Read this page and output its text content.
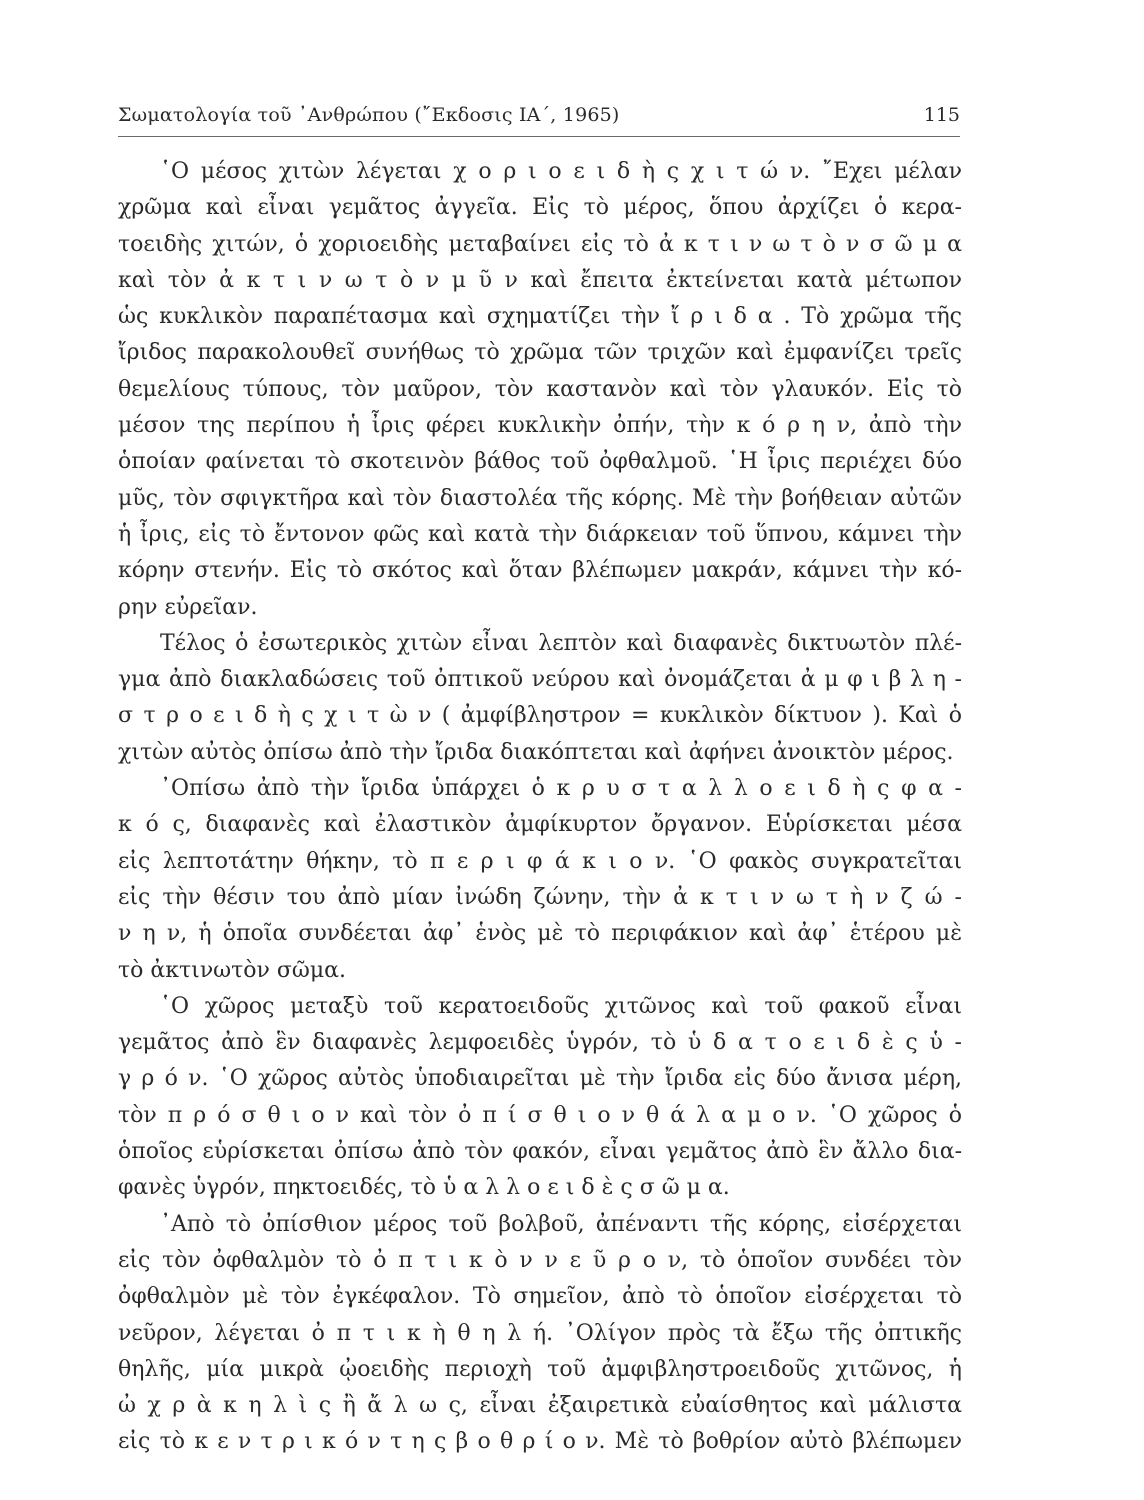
Σωματολογία τοῦ ᾿Ανθρώπου (῎Εκδοσις ΙΑ΄, 1965)	115
῾Ο μέσος χιτὼν λέγεται χ ο ρ ι ο ε ι δ ὴ ς χ ι τ ώ ν. ῎Εχει μέλαν
χρῶμα καὶ εἶναι γεμᾶτος ἀγγεῖα. Εἰς τὸ μέρος, ὅπου ἀρχίζει ὁ κερα-
τοειδὴς χιτών, ὁ χοριοειδὴς μεταβαίνει εἰς τὸ ἀ κ τ ι ν ω τ ὸ ν σ ῶ μ α
καὶ τὸν ἀ κ τ ι ν ω τ ὸ ν μ ῦ ν καὶ ἔπειτα ἐκτείνεται κατὰ μέτωπον
ὡς κυκλικὸν παραπέτασμα καὶ σχηματίζει τὴν ἴ ρ ι δ α . Τὸ χρῶμα τῆς
ἴριδος παρακολουθεῖ συνήθως τὸ χρῶμα τῶν τριχῶν καὶ ἐμφανίζει τρεῖς
θεμελίους τύπους, τὸν μαῦρον, τὸν καστανὸν καὶ τὸν γλαυκόν. Εἰς τὸ
μέσον της περίπου ἡ ἶρις φέρει κυκλικὴν ὀπήν, τὴν κ ό ρ η ν, ἀπὸ τὴν
ὁποίαν φαίνεται τὸ σκοτεινὸν βάθος τοῦ ὀφθαλμοῦ. ῾Η ἶρις περιέχει δύο
μῦς, τὸν σφιγκτῆρα καὶ τὸν διαστολέα τῆς κόρης. Μὲ τὴν βοήθειαν αὐτῶν
ἡ ἶρις, εἰς τὸ ἔντονον φῶς καὶ κατὰ τὴν διάρκειαν τοῦ ὕπνου, κάμνει τὴν
κόρην στενήν. Εἰς τὸ σκότος καὶ ὅταν βλέπωμεν μακράν, κάμνει τὴν κό-
ρην εὐρεῖαν.
Τέλος ὁ ἐσωτερικὸς χιτὼν εἶναι λεπτὸν καὶ διαφανὲς δικτυωτὸν πλέ-
γμα ἀπὸ διακλαδώσεις τοῦ ὀπτικοῦ νεύρου καὶ ὀνομάζεται ἀ μ φ ι β λ η -
σ τ ρ ο ε ι δ ὴ ς χ ι τ ὼ ν ( ἀμφίβληστρον = κυκλικὸν δίκτυον ). Καὶ ὁ
χιτὼν αὐτὸς ὀπίσω ἀπὸ τὴν ἴριδα διακόπτεται καὶ ἀφήνει ἀνοικτὸν μέρος.
᾿Οπίσω ἀπὸ τὴν ἴριδα ὑπάρχει ὁ κ ρ υ σ τ α λ λ ο ε ι δ ὴ ς φ α -
κ ό ς, διαφανὲς καὶ ἐλαστικὸν ἀμφίκυρτον ὄργανον. Εὑρίσκεται μέσα
εἰς λεπτοτάτην θήκην, τὸ π ε ρ ι φ ά κ ι ο ν. ῾Ο φακὸς συγκρατεῖται
εἰς τὴν θέσιν του ἀπὸ μίαν ἰνώδη ζώνην, τὴν ἀ κ τ ι ν ω τ ὴ ν ζ ώ -
ν η ν, ἡ ὁποῖα συνδέεται ἀφ᾿ ἑνὸς μὲ τὸ περιφάκιον καὶ ἀφ᾿ ἑτέρου μὲ
τὸ ἀκτινωτὸν σῶμα.
῾Ο χῶρος μεταξὺ τοῦ κερατοειδοῦς χιτῶνος καὶ τοῦ φακοῦ εἶναι
γεμᾶτος ἀπὸ ἓν διαφανὲς λεμφοειδὲς ὑγρόν, τὸ ὑ δ α τ ο ε ι δ ὲ ς ὑ -
γ ρ ό ν. ῾Ο χῶρος αὐτὸς ὑποδιαιρεῖται μὲ τὴν ἴριδα εἰς δύο ἄνισα μέρη,
τὸν π ρ ό σ θ ι ο ν καὶ τὸν ὀ π ί σ θ ι ο ν θ ά λ α μ ο ν. ῾Ο χῶρος ὁ
ὁποῖος εὑρίσκεται ὀπίσω ἀπὸ τὸν φακόν, εἶναι γεμᾶτος ἀπὸ ἓν ἄλλο δια-
φανὲς ὑγρόν, πηκτοειδές, τὸ ὑ α λ λ ο ε ι δ ὲ ς σ ῶ μ α.
᾿Απὸ τὸ ὀπίσθιον μέρος τοῦ βολβοῦ, ἀπέναντι τῆς κόρης, εἰσέρχεται
εἰς τὸν ὀφθαλμὸν τὸ ὀ π τ ι κ ὸ ν ν ε ῦ ρ ο ν, τὸ ὁποῖον συνδέει τὸν
ὀφθαλμὸν μὲ τὸν ἐγκέφαλον. Τὸ σημεῖον, ἀπὸ τὸ ὁποῖον εἰσέρχεται τὸ
νεῦρον, λέγεται ὀ π τ ι κ ὴ θ η λ ή. ᾿Ολίγον πρὸς τὰ ἔξω τῆς ὀπτικῆς
θηλῆς, μία μικρὰ ᾠοειδὴς περιοχὴ τοῦ ἀμφιβληστροειδοῦς χιτῶνος, ἡ
ὠ χ ρ ὰ κ η λ ὶ ς ἢ ἄ λ ω ς, εἶναι ἐξαιρετικὰ εὐαίσθητος καὶ μάλιστα
εἰς τὸ κ ε ν τ ρ ι κ ό ν τ η ς β ο θ ρ ί ο ν. Μὲ τὸ βοθρίον αὐτὸ βλέπωμεν
